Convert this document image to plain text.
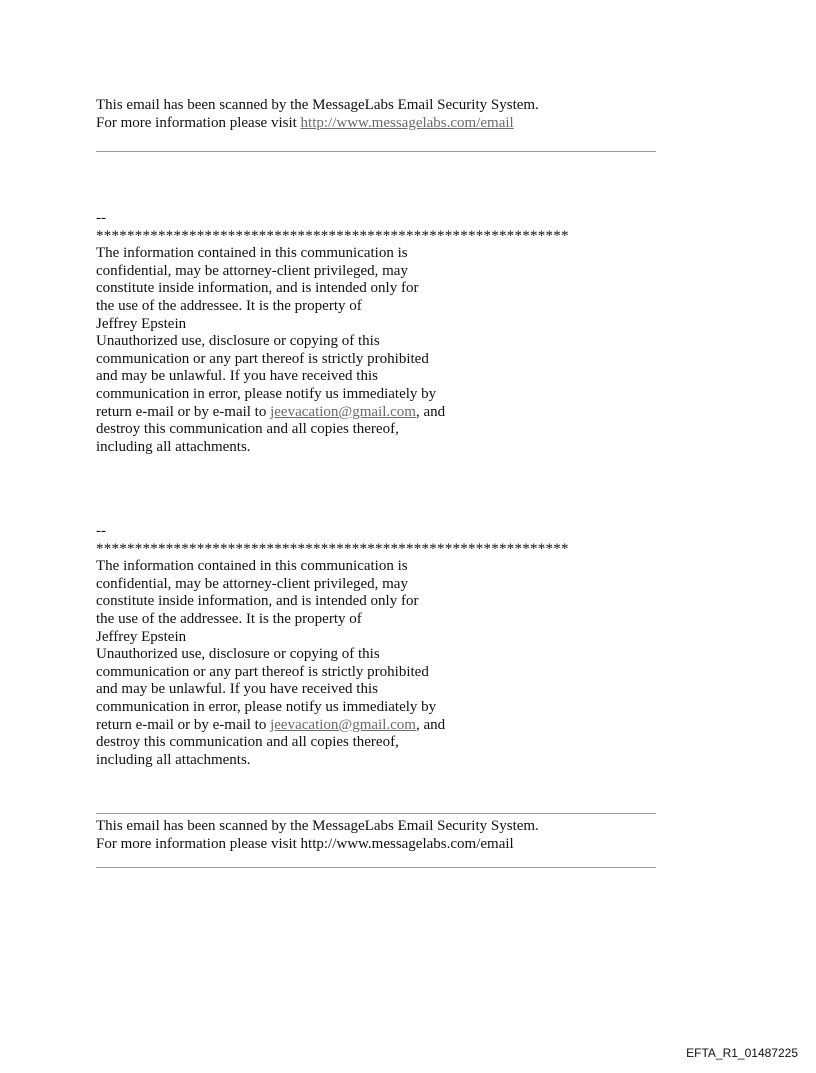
This email has been scanned by the MessageLabs Email Security System.
For more information please visit http://www.messagelabs.com/email
--
*************************************************************
The information contained in this communication is
confidential, may be attorney-client privileged, may
constitute inside information, and is intended only for
the use of the addressee. It is the property of
Jeffrey Epstein
Unauthorized use, disclosure or copying of this
communication or any part thereof is strictly prohibited
and may be unlawful. If you have received this
communication in error, please notify us immediately by
return e-mail or by e-mail to jeevacation@gmail.com, and
destroy this communication and all copies thereof,
including all attachments.
--
*************************************************************
The information contained in this communication is
confidential, may be attorney-client privileged, may
constitute inside information, and is intended only for
the use of the addressee. It is the property of
Jeffrey Epstein
Unauthorized use, disclosure or copying of this
communication or any part thereof is strictly prohibited
and may be unlawful. If you have received this
communication in error, please notify us immediately by
return e-mail or by e-mail to jeevacation@gmail.com, and
destroy this communication and all copies thereof,
including all attachments.
This email has been scanned by the MessageLabs Email Security System.
For more information please visit http://www.messagelabs.com/email
EFTA_R1_01487225
